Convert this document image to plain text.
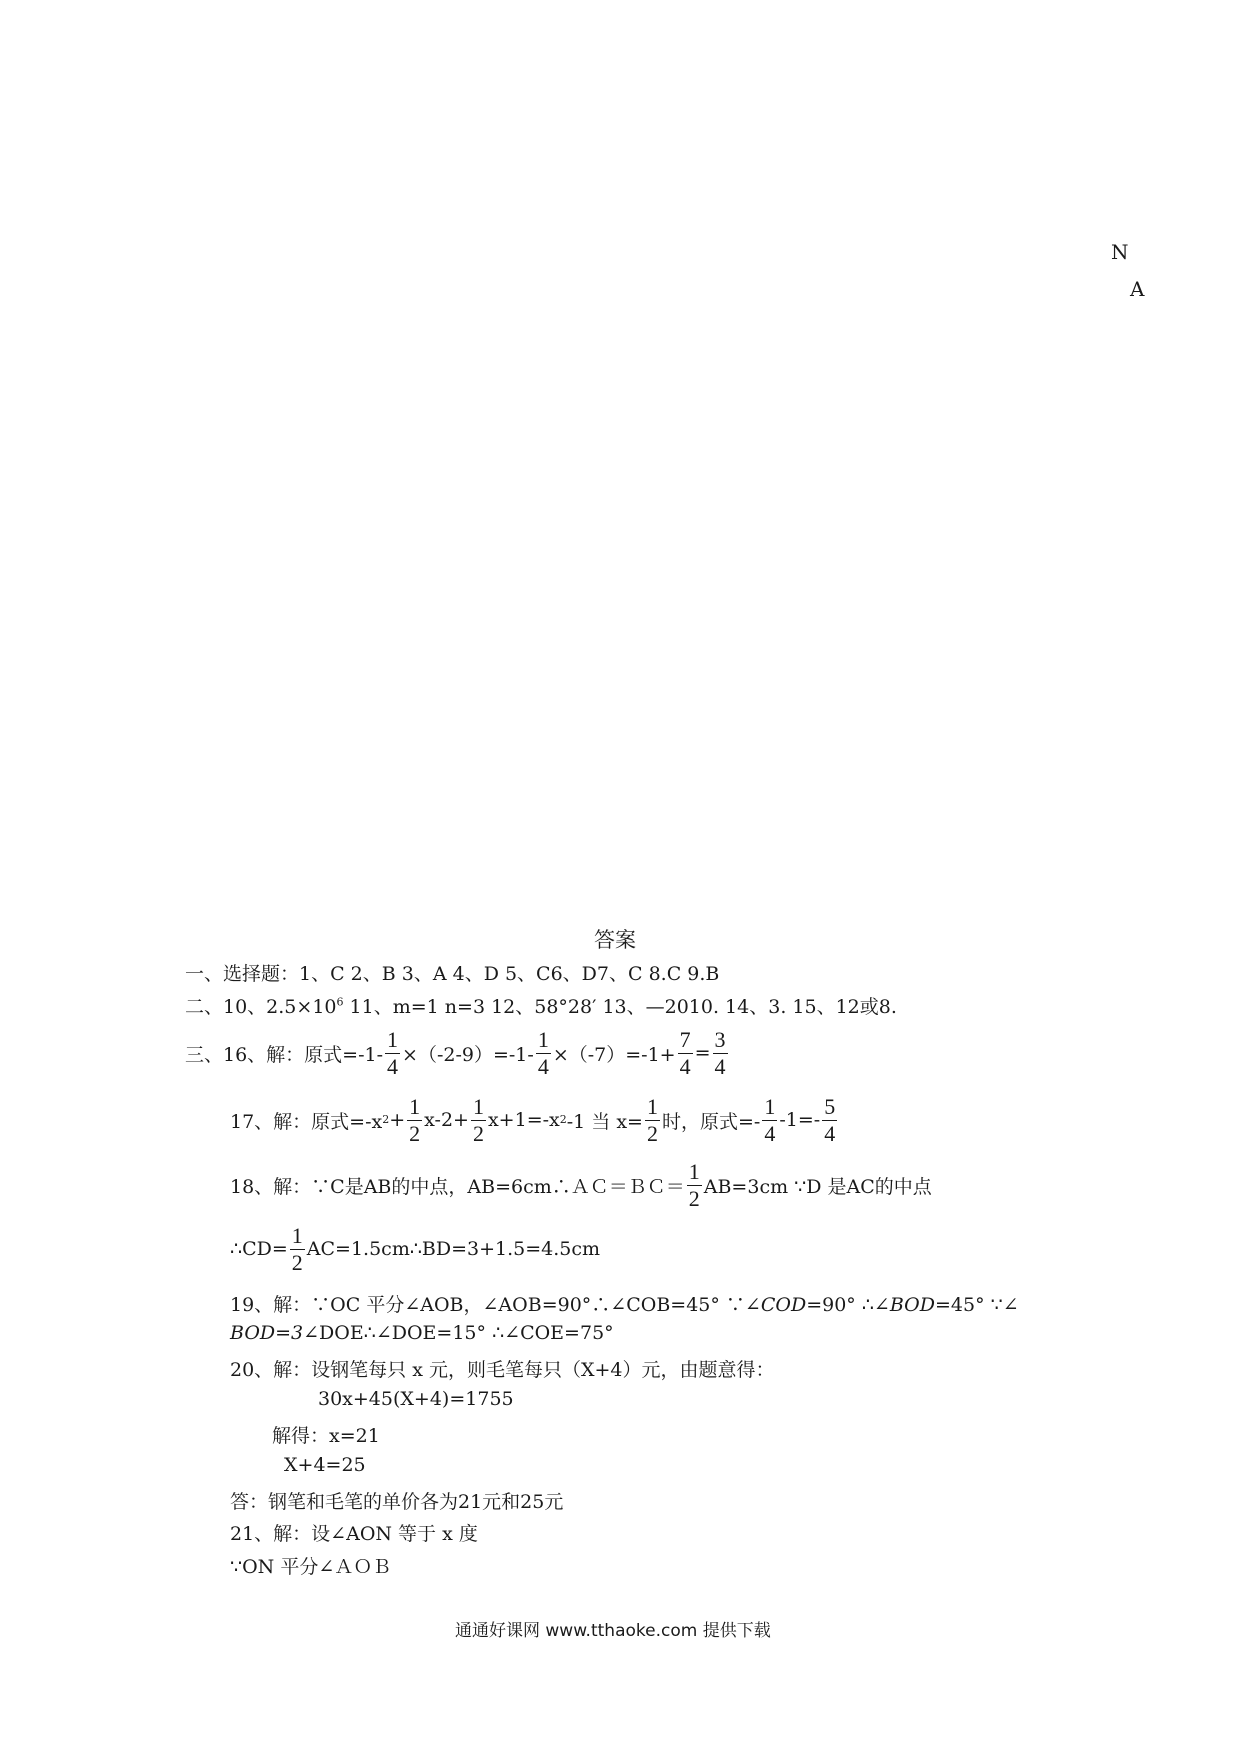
N
A
答案
一、选择题：1、C 2、B 3、A 4、D 5、C6、D7、C 8.C 9.B
二、10、$2.5\times 10^6$ 11、m=1 n=3 12、58°28′ 13、—2010. 14、3. 15、12或8.
三、16、解：原式$=-1- \frac{1}{4} \times(-2-9)=-1- \frac{1}{4} \times(-7)=-1+ \frac{7}{4} = \frac{3}{4}$
17、解：原式=-x $2 + \frac{1}{2} x-2+ \frac{1}{2} x+1=-x$ 2 -1 当 $x= \frac{1}{2}$ 时，原式=- $\frac{1}{4} -1=- \frac{5}{4}$
18、解：∵C是AB的中点，AB=6cm∴ＡＣ＝ＢＣ＝ $\frac{1}{2} AB=3cm$ ∵D 是AC的中点
∴CD= $\frac{1}{2}$ AC=1.5cm∴BD=3+1.5=4.5cm
19、解：∵OC 平分∠AOB，∠AOB=90°∴∠COB=45° ∵∠COD=90° ∴∠BOD=45° ∵∠
BOD=3∠DOE∴∠DOE=15° ∴∠COE=75°
20、解：设钢笔每只 x 元，则毛笔每只（X+4）元，由题意得：
30x+45(X+4)=1755
解得：x=21
X+4=25
答：钢笔和毛笔的单价各为21元和25元
21、解：设∠AON 等于 x 度
∵ON 平分∠ＡＯＢ
通通好课网 www.tthaoke.com 提供下载
